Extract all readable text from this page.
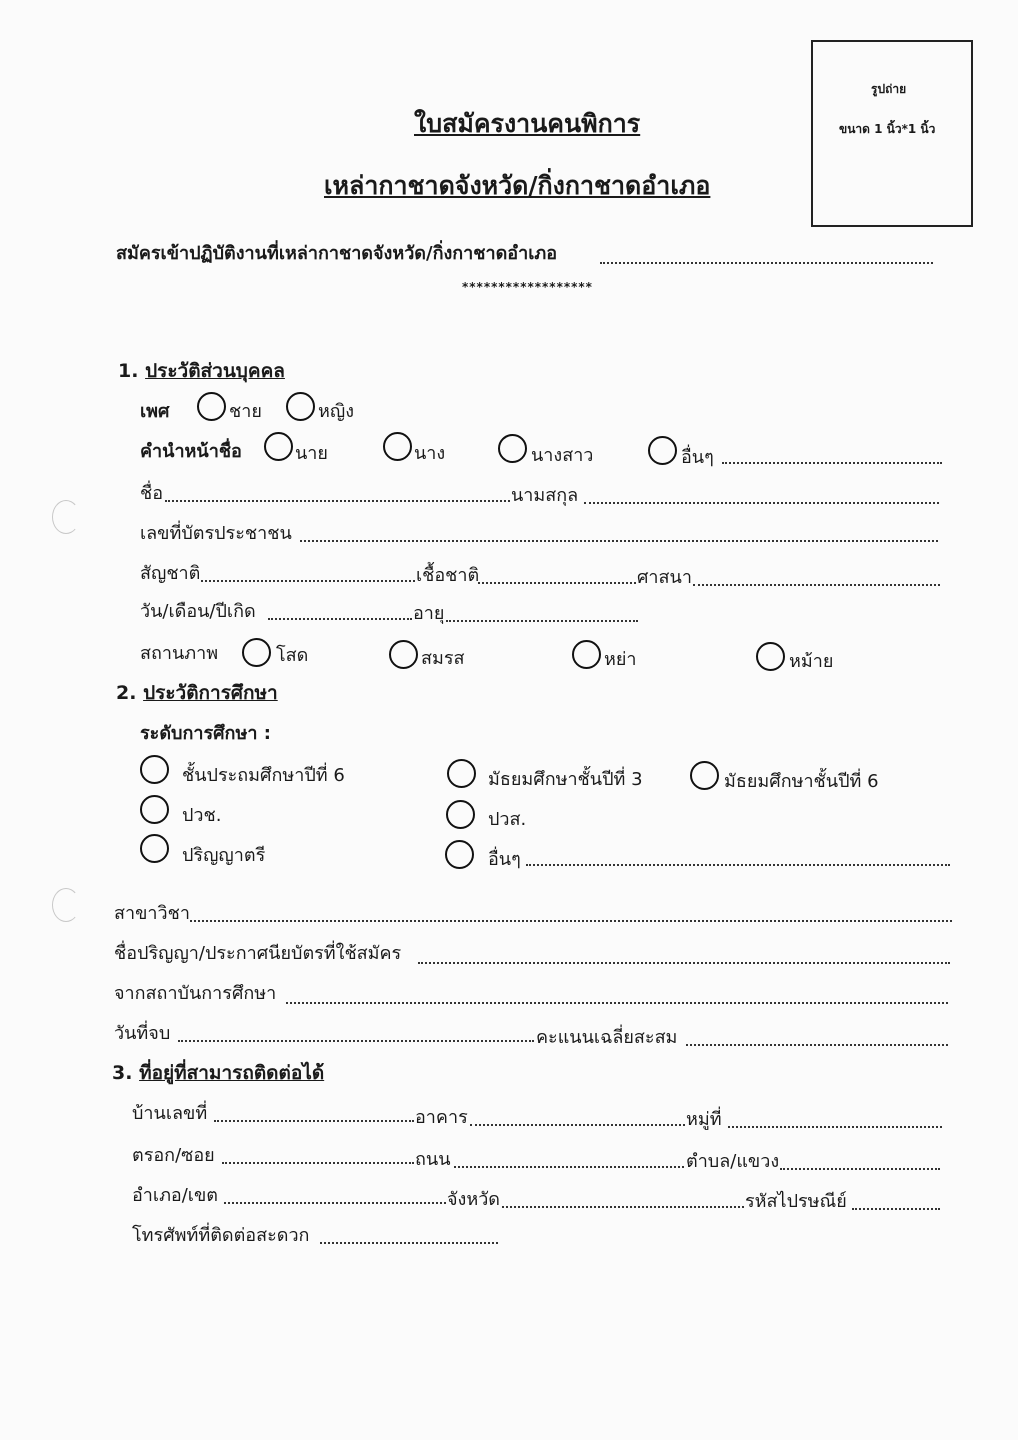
รูปถ่าย
ขนาด 1 นิ้ว*1 นิ้ว
ใบสมัครงานคนพิการ
เหล่ากาชาดจังหวัด/กิ่งกาชาดอำเภอ
สมัครเข้าปฏิบัติงานที่เหล่ากาชาดจังหวัด/กิ่งกาชาดอำเภอ
******************
1. ประวัติส่วนบุคคล
เพศ	ชาย	หญิง
คำนำหน้าชื่อ	นาย	นาง	นางสาว	อื่นๆ
ชื่อ	นามสกุล
เลขที่บัตรประชาชน
สัญชาติ	เชื้อชาติ	ศาสนา
วัน/เดือน/ปีเกิด	อายุ
สถานภาพ	โสด	สมรส	หย่า	หม้าย
2. ประวัติการศึกษา
ระดับการศึกษา :
ชั้นประถมศึกษาปีที่ 6	มัธยมศึกษาชั้นปีที่ 3	มัธยมศึกษาชั้นปีที่ 6
ปวช.	ปวส.
ปริญญาตรี	อื่นๆ
สาขาวิชา
ชื่อปริญญา/ประกาศนียบัตรที่ใช้สมัคร
จากสถาบันการศึกษา
วันที่จบ	คะแนนเฉลี่ยสะสม
3. ที่อยู่ที่สามารถติดต่อได้
บ้านเลขที่	อาคาร	หมู่ที่
ตรอก/ซอย	ถนน	ตำบล/แขวง
อำเภอ/เขต	จังหวัด	รหัสไปรษณีย์
โทรศัพท์ที่ติดต่อสะดวก
